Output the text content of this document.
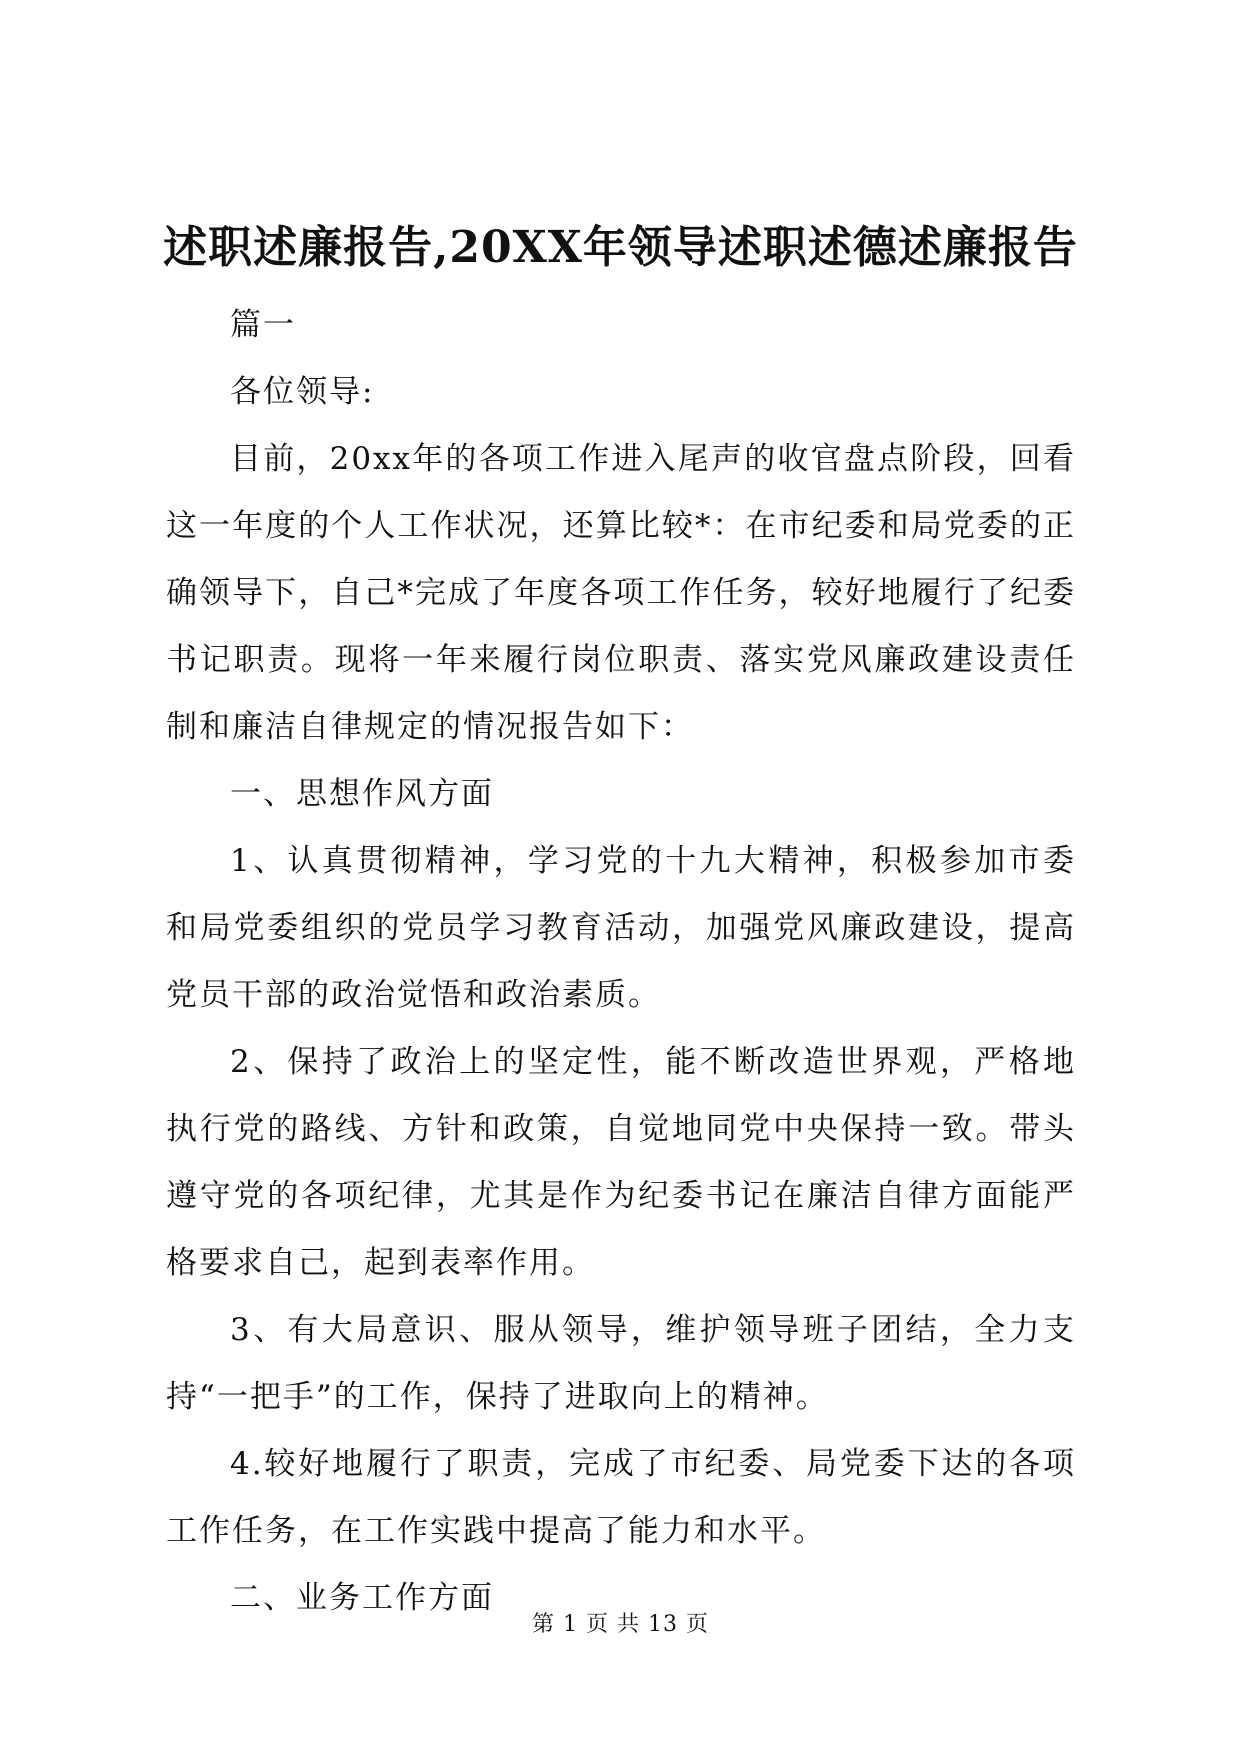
述职述廉报告,20XX年领导述职述德述廉报告

篇一

各位领导:

目前，20xx年的各项工作进入尾声的收官盘点阶段，回看这一年度的个人工作状况，还算比较*：在市纪委和局党委的正确领导下，自己*完成了年度各项工作任务，较好地履行了纪委书记职责。现将一年来履行岗位职责、落实党风廉政建设责任制和廉洁自律规定的情况报告如下：

一、思想作风方面

1、认真贯彻精神，学习党的十九大精神，积极参加市委和局党委组织的党员学习教育活动，加强党风廉政建设，提高党员干部的政治觉悟和政治素质。

2、保持了政治上的坚定性，能不断改造世界观，严格地执行党的路线、方针和政策，自觉地同党中央保持一致。带头遵守党的各项纪律，尤其是作为纪委书记在廉洁自律方面能严格要求自己，起到表率作用。

3、有大局意识、服从领导，维护领导班子团结，全力支持“一把手”的工作，保持了进取向上的精神。

4.较好地履行了职责，完成了市纪委、局党委下达的各项工作任务，在工作实践中提高了能力和水平。

二、业务工作方面

第 1 页 共 13 页
